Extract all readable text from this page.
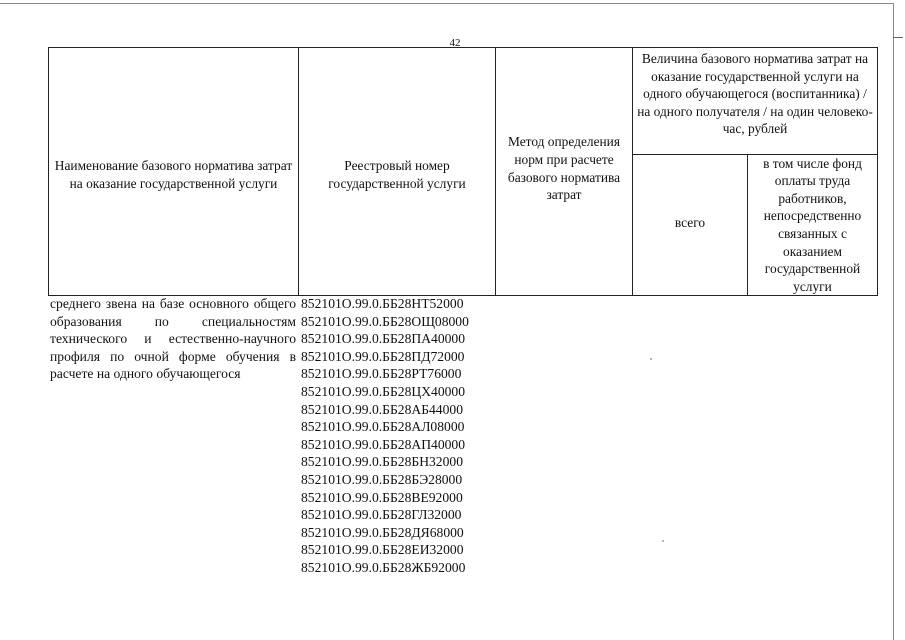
42
Наименование базового норматива затрат на оказание государственной услуги
Реестровый номер государственной услуги
Метод определения норм при расчете базового норматива затрат
Величина базового норматива затрат на оказание государственной услуги на одного обучающегося (воспитанника) / на одного получателя / на один человеко-час, рублей
всего
в том числе фонд оплаты труда работников, непосредственно связанных с оказанием государственной услуги
среднего звена на базе основного общего образования по специальностям технического и естественно-научного профиля по очной форме обучения в расчете на одного обучающегося
852101О.99.0.ББ28НТ52000
852101О.99.0.ББ28ОЩ08000
852101О.99.0.ББ28ПА40000
852101О.99.0.ББ28ПД72000
852101О.99.0.ББ28РТ76000
852101О.99.0.ББ28ЦХ40000
852101О.99.0.ББ28АБ44000
852101О.99.0.ББ28АЛ08000
852101О.99.0.ББ28АП40000
852101О.99.0.ББ28БН32000
852101О.99.0.ББ28БЭ28000
852101О.99.0.ББ28ВЕ92000
852101О.99.0.ББ28ГЛ32000
852101О.99.0.ББ28ДЯ68000
852101О.99.0.ББ28ЕИ32000
852101О.99.0.ББ28ЖБ92000
